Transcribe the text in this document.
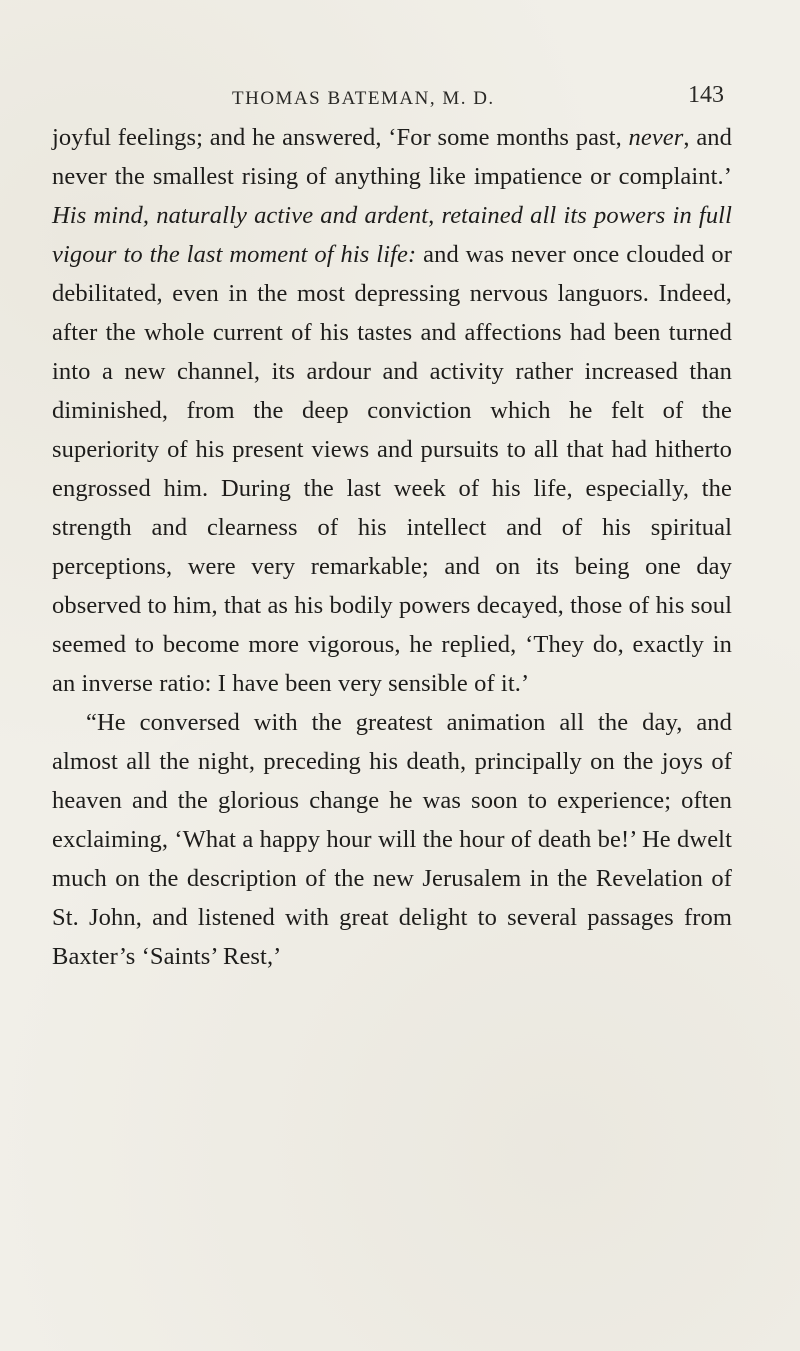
THOMAS BATEMAN, M. D.	143

joyful feelings; and he answered, ‘For some months past, never, and never the smallest rising of anything like impatience or complaint.’ His mind, naturally active and ardent, retained all its powers in full vigour to the last moment of his life: and was never once clouded or debilitated, even in the most depressing nervous languors. Indeed, after the whole current of his tastes and affections had been turned into a new channel, its ardour and activity rather increased than diminished, from the deep conviction which he felt of the superiority of his present views and pursuits to all that had hitherto engrossed him. During the last week of his life, especially, the strength and clearness of his intellect and of his spiritual perceptions, were very remarkable; and on its being one day observed to him, that as his bodily powers decayed, those of his soul seemed to become more vigorous, he replied, ‘They do, exactly in an inverse ratio: I have been very sensible of it.’

“He conversed with the greatest animation all the day, and almost all the night, preceding his death, principally on the joys of heaven and the glorious change he was soon to experience; often exclaiming, ‘What a happy hour will the hour of death be!’ He dwelt much on the description of the new Jerusalem in the Revelation of St. John, and listened with great delight to several passages from Baxter’s ‘Saints’ Rest,’
